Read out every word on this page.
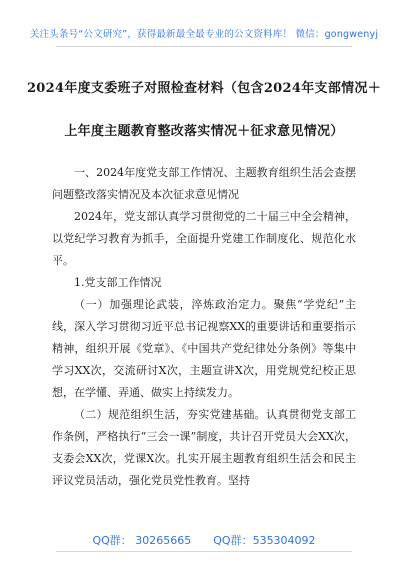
关注头条号“公文研究”，获得最新最全最专业的公文资料库！ 微信：gongwenyj
2024年度支委班子对照检查材料（包含2024年支部情况＋
上年度主题教育整改落实情况＋征求意见情况）

一、2024年度党支部工作情况、主题教育组织生活会查摆问题整改落实情况及本次征求意见情况

2024年，党支部认真学习贯彻党的二十届三中全会精神，以党纪学习教育为抓手，全面提升党建工作制度化、规范化水平。

1.党支部工作情况

（一）加强理论武装，淬炼政治定力。聚焦“学党纪”主线，深入学习贯彻习近平总书记视察XX的重要讲话和重要指示精神，组织开展《党章》、《中国共产党纪律处分条例》等集中学习XX次，交流研讨X次，主题宣讲X次，用党规党纪校正思想，在学懂、弄通、做实上持续发力。

（二）规范组织生活，夯实党建基础。认真贯彻党支部工作条例，严格执行“三会一课”制度，共计召开党员大会XX次，支委会XX次，党课X次。扎实开展主题教育组织生活会和民主评议党员活动，强化党员党性教育。坚持

QQ群： 30265665 QQ群：535304092
